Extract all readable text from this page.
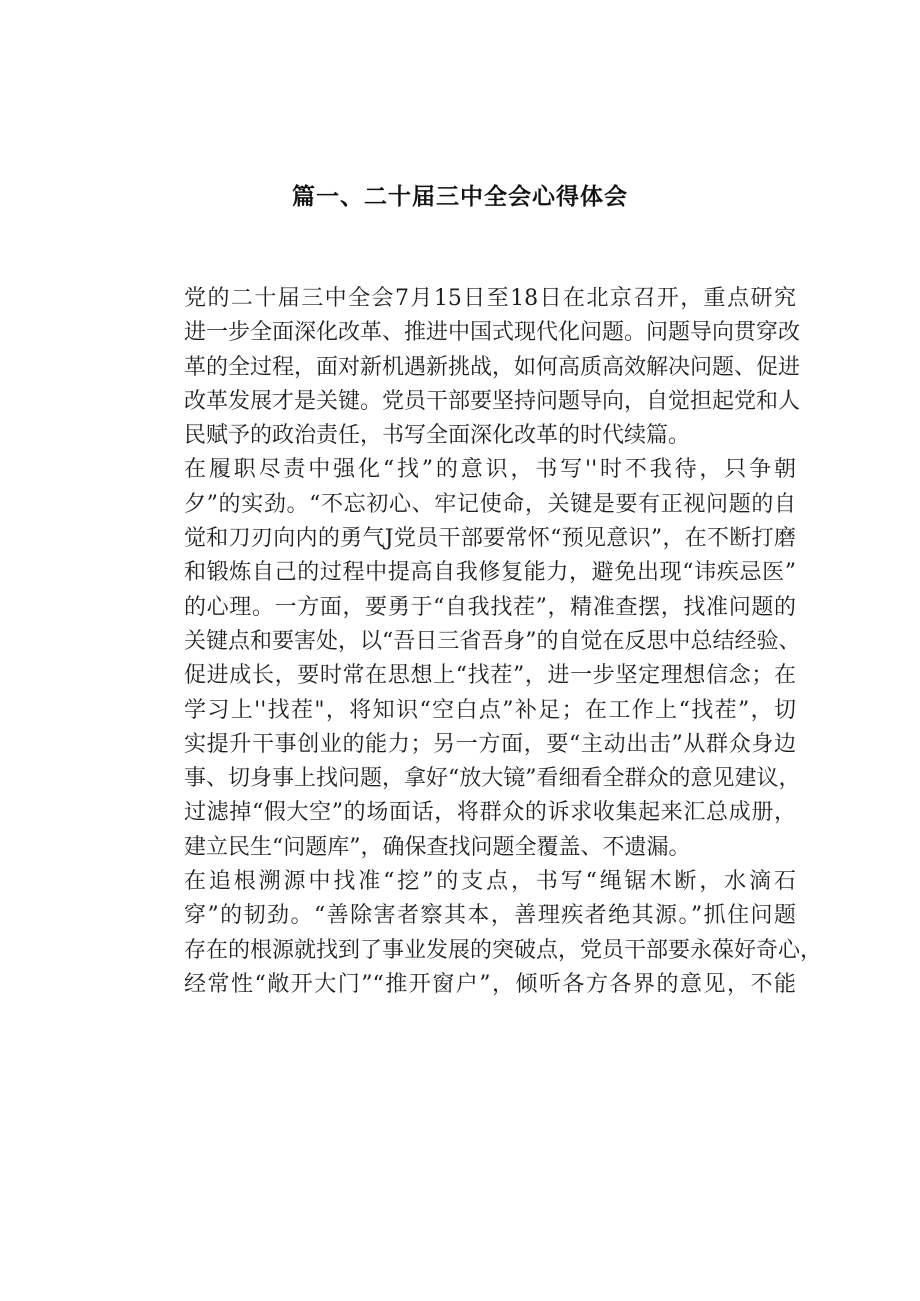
篇一、二十届三中全会心得体会

党的二十届三中全会7月15日至18日在北京召开，重点研究
进一步全面深化改革、推进中国式现代化问题。问题导向贯穿改
革的全过程，面对新机遇新挑战，如何高质高效解决问题、促进
改革发展才是关键。党员干部要坚持问题导向，自觉担起党和人
民赋予的政治责任，书写全面深化改革的时代续篇。

在履职尽责中强化“找”的意识，书写''时不我待，只争朝
夕”的实劲。“不忘初心、牢记使命，关键是要有正视问题的自
觉和刀刃向内的勇气J党员干部要常怀“预见意识”，在不断打磨
和锻炼自己的过程中提高自我修复能力，避免出现“讳疾忌医”
的心理。一方面，要勇于“自我找茬”，精准查摆，找准问题的
关键点和要害处，以“吾日三省吾身”的自觉在反思中总结经验、
促进成长，要时常在思想上“找茬”，进一步坚定理想信念；在
学习上''找茬"，将知识“空白点”补足；在工作上“找茬”，切
实提升干事创业的能力；另一方面，要“主动出击”从群众身边
事、切身事上找问题，拿好“放大镜”看细看全群众的意见建议，
过滤掉“假大空”的场面话，将群众的诉求收集起来汇总成册，
建立民生“问题库”，确保查找问题全覆盖、不遗漏。

在追根溯源中找准“挖”的支点，书写“绳锯木断，水滴石
穿”的韧劲。“善除害者察其本，善理疾者绝其源。”抓住问题
存在的根源就找到了事业发展的突破点，党员干部要永葆好奇心，
经常性“敞开大门”“推开窗户”，倾听各方各界的意见，不能
